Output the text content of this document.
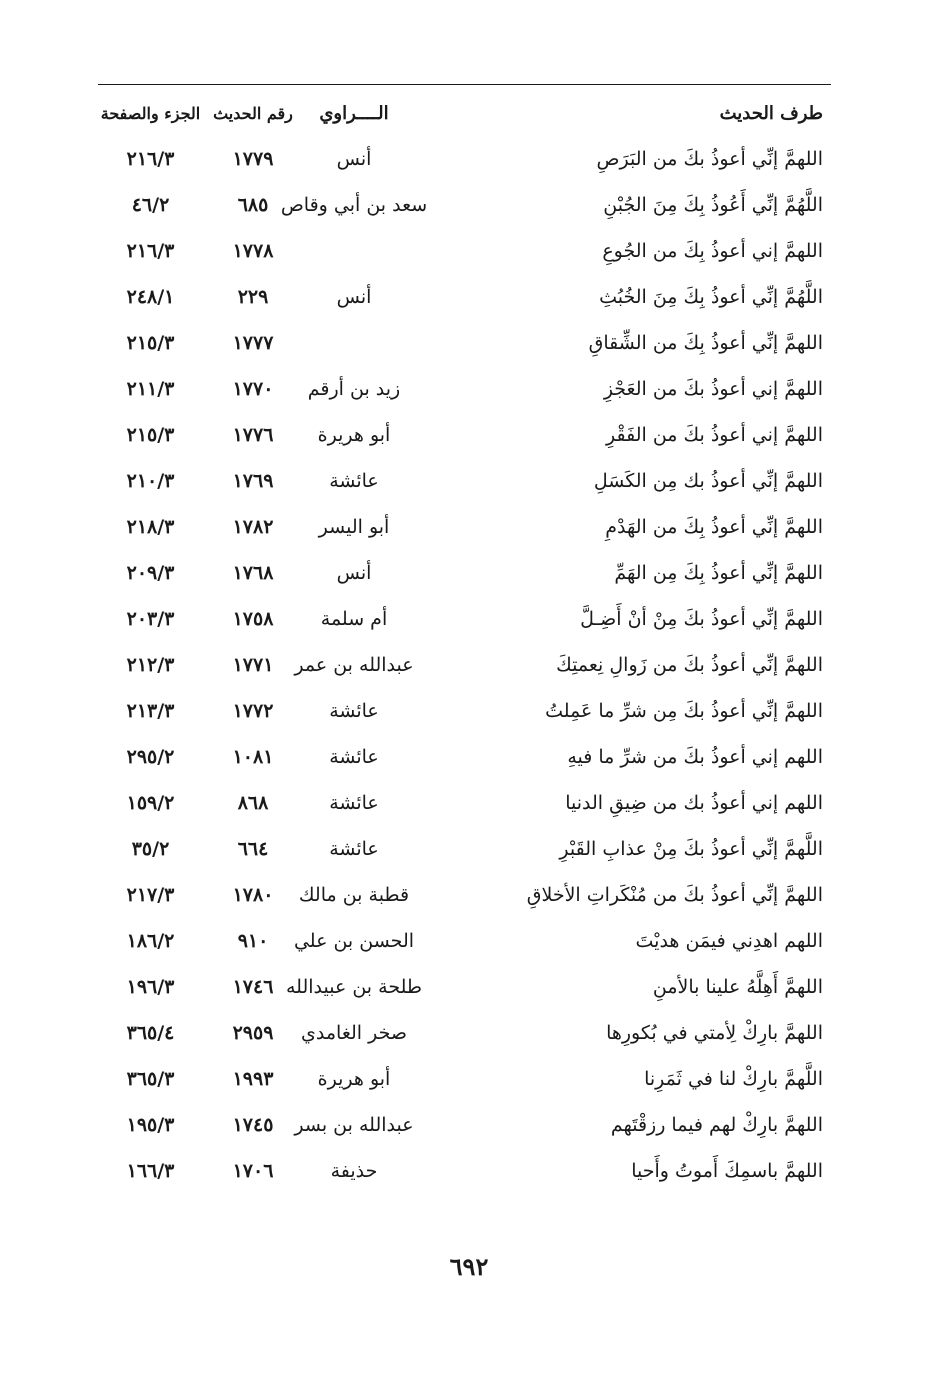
طرف الحديث
الــــراوي
رقم الحديث
الجزء والصفحة
اللهمَّ إنِّي أعوذُ بكَ من البَرَصِ
أنس
١٧٧٩
٢١٦/٣
اللَّهُمَّ إنِّي أَعُوذُ بِكَ مِنَ الجُبْنِ
سعد بن أبي وقاص
٦٨٥
٤٦/٢
اللهمَّ إني أعوذُ بِكَ من الجُوعِ
١٧٧٨
٢١٦/٣
اللَّهُمَّ إنِّي أعوذُ بِكَ مِنَ الخُبُثِ
أنس
٢٢٩
٢٤٨/١
اللهمَّ إنِّي أعوذُ بِكَ من الشِّقاقِ
١٧٧٧
٢١٥/٣
اللهمَّ إني أعوذُ بكَ من العَجْزِ
زيد بن أرقم
١٧٧٠
٢١١/٣
اللهمَّ إني أعوذُ بكَ من الفَقْرِ
أبو هريرة
١٧٧٦
٢١٥/٣
اللهمَّ إنِّي أعوذُ بك مِن الكَسَلِ
عائشة
١٧٦٩
٢١٠/٣
اللهمَّ إنِّي أعوذُ بِكَ من الهَدْمِ
أبو اليسر
١٧٨٢
٢١٨/٣
اللهمَّ إنِّي أعوذُ بِكَ مِن الهَمِّ
أنس
١٧٦٨
٢٠٩/٣
اللهمَّ إنِّي أعوذُ بكَ مِنْ أنْ أَضِـلَّ
أم سلمة
١٧٥٨
٢٠٣/٣
اللهمَّ إنِّي أعوذُ بكَ من زَوالِ نِعمتِكَ
عبدالله بن عمر
١٧٧١
٢١٢/٣
اللهمَّ إنِّي أعوذُ بكَ مِن شرِّ ما عَمِلتُ
عائشة
١٧٧٢
٢١٣/٣
اللهم إني أعوذُ بكَ من شرِّ ما فيهِ
عائشة
١٠٨١
٢٩٥/٢
اللهم إني أعوذُ بك من ضِيقِ الدنيا
عائشة
٨٦٨
١٥٩/٢
اللَّهمَّ إنِّي أعوذُ بكَ مِنْ عذابِ القَبْرِ
عائشة
٦٦٤
٣٥/٢
اللهمَّ إنِّي أعوذُ بكَ من مُنْكَراتِ الأخلاقِ
قطبة بن مالك
١٧٨٠
٢١٧/٣
اللهم اهدِني فيمَن هديْتَ
الحسن بن علي
٩١٠
١٨٦/٢
اللهمَّ أَهِلَّهُ علينا بالأمنِ
طلحة بن عبيدالله
١٧٤٦
١٩٦/٣
اللهمَّ بارِكْ لِأمتي في بُكورِها
صخر الغامدي
٢٩٥٩
٣٦٥/٤
اللَّهمَّ بارِكْ لنا في ثَمَرِنا
أبو هريرة
١٩٩٣
٣٦٥/٣
اللهمَّ بارِكْ لهم فيما رزقْتَهم
عبدالله بن بسر
١٧٤٥
١٩٥/٣
اللهمَّ باسمِكَ أَموتُ وأَحيا
حذيفة
١٧٠٦
١٦٦/٣
٦٩٢
